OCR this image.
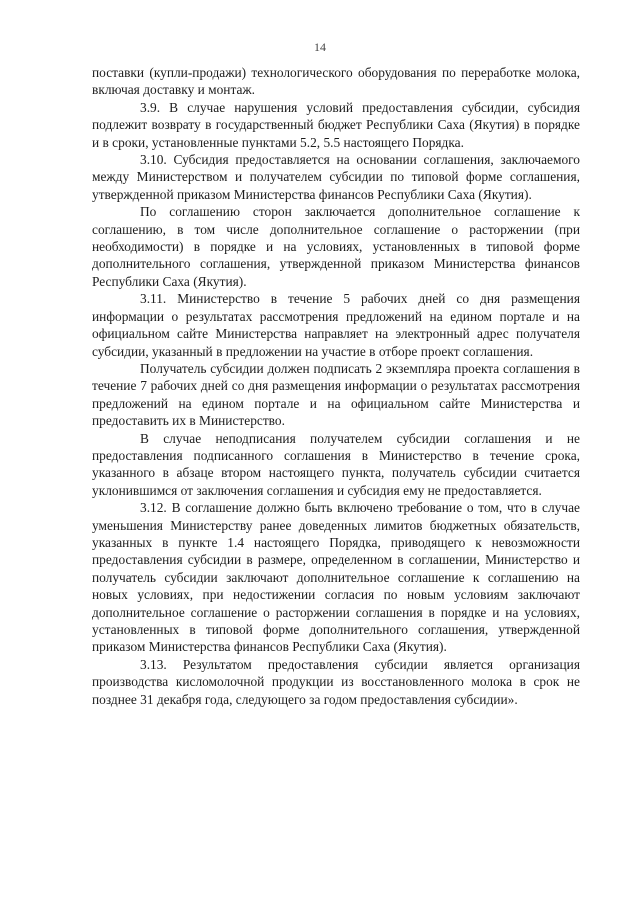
14

поставки (купли-продажи) технологического оборудования по переработке молока, включая доставку и монтаж.

3.9. В случае нарушения условий предоставления субсидии, субсидия подлежит возврату в государственный бюджет Республики Саха (Якутия) в порядке и в сроки, установленные пунктами 5.2, 5.5 настоящего Порядка.

3.10. Субсидия предоставляется на основании соглашения, заключаемого между Министерством и получателем субсидии по типовой форме соглашения, утвержденной приказом Министерства финансов Республики Саха (Якутия).

По соглашению сторон заключается дополнительное соглашение к соглашению, в том числе дополнительное соглашение о расторжении (при необходимости) в порядке и на условиях, установленных в типовой форме дополнительного соглашения, утвержденной приказом Министерства финансов Республики Саха (Якутия).

3.11. Министерство в течение 5 рабочих дней со дня размещения информации о результатах рассмотрения предложений на едином портале и на официальном сайте Министерства направляет на электронный адрес получателя субсидии, указанный в предложении на участие в отборе проект соглашения.

Получатель субсидии должен подписать 2 экземпляра проекта соглашения в течение 7 рабочих дней со дня размещения информации о результатах рассмотрения предложений на едином портале и на официальном сайте Министерства и предоставить их в Министерство.

В случае неподписания получателем субсидии соглашения и не предоставления подписанного соглашения в Министерство в течение срока, указанного в абзаце втором настоящего пункта, получатель субсидии считается уклонившимся от заключения соглашения и субсидия ему не предоставляется.

3.12. В соглашение должно быть включено требование о том, что в случае уменьшения Министерству ранее доведенных лимитов бюджетных обязательств, указанных в пункте 1.4 настоящего Порядка, приводящего к невозможности предоставления субсидии в размере, определенном в соглашении, Министерство и получатель субсидии заключают дополнительное соглашение к соглашению на новых условиях, при недостижении согласия по новым условиям заключают дополнительное соглашение о расторжении соглашения в порядке и на условиях, установленных в типовой форме дополнительного соглашения, утвержденной приказом Министерства финансов Республики Саха (Якутия).

3.13. Результатом предоставления субсидии является организация производства кисломолочной продукции из восстановленного молока в срок не позднее 31 декабря года, следующего за годом предоставления субсидии».
